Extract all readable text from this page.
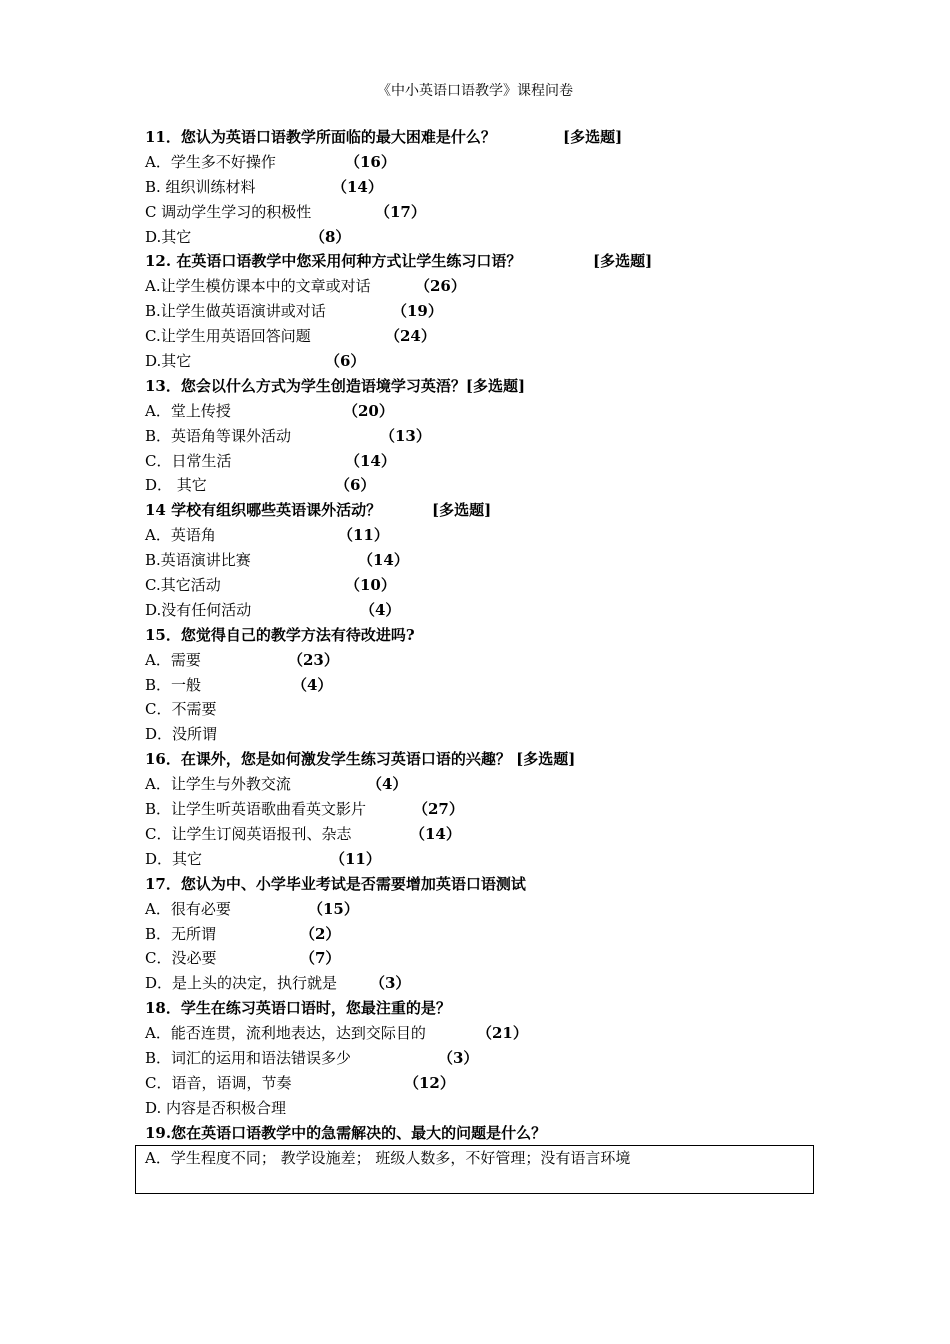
《中小英语口语教学》课程问卷
11．您认为英语口语教学所面临的最大困难是什么？	[多选题]
A．学生多不好操作	（16）
B. 组织训练材料	（14）
C 调动学生学习的积极性	（17）
D.其它	（8）
12. 在英语口语教学中您采用何种方式让学生练习口语？	[多选题]
A.让学生模仿课本中的文章或对话	（26）
B.让学生做英语演讲或对话	（19）
C.让学生用英语回答问题	（24）
D.其它	（6）
13．您会以什么方式为学生创造语境学习英浯？[多选题]
A．堂上传授	（20）
B．英语角等课外活动	（13）
C．日常生活	（14）
D． 其它	（6）
14 学校有组织哪些英语课外活动？	[多选题]
A．英语角	（11）
B.英语演讲比赛	（14）
C.其它活动	（10）
D.没有任何活动	（4）
15．您觉得自己的教学方法有待改进吗?
A．需要	（23）
B．一般	（4）
C．不需要
D．没所谓
16．在课外，您是如何激发学生练习英语口语的兴趣？ [多选题]
A．让学生与外教交流	（4）
B．让学生听英语歌曲看英文影片	（27）
C．让学生订阅英语报刊、杂志	（14）
D．其它	（11）
17．您认为中、小学毕业考试是否需要增加英语口语测试
A．很有必要	（15）
B．无所谓	（2）
C．没必要	（7）
D．是上头的决定，执行就是 （3）
18．学生在练习英语口语时，您最注重的是？
A．能否连贯，流利地表达，达到交际目的	（21）
B．词汇的运用和语法错误多少	（3）
C．语音，语调，节奏	（12）
D. 内容是否积极合理
19.您在英语口语教学中的急需解决的、最大的问题是什么？
A．学生程度不同； 教学设施差； 班级人数多，不好管理；没有语言环境
